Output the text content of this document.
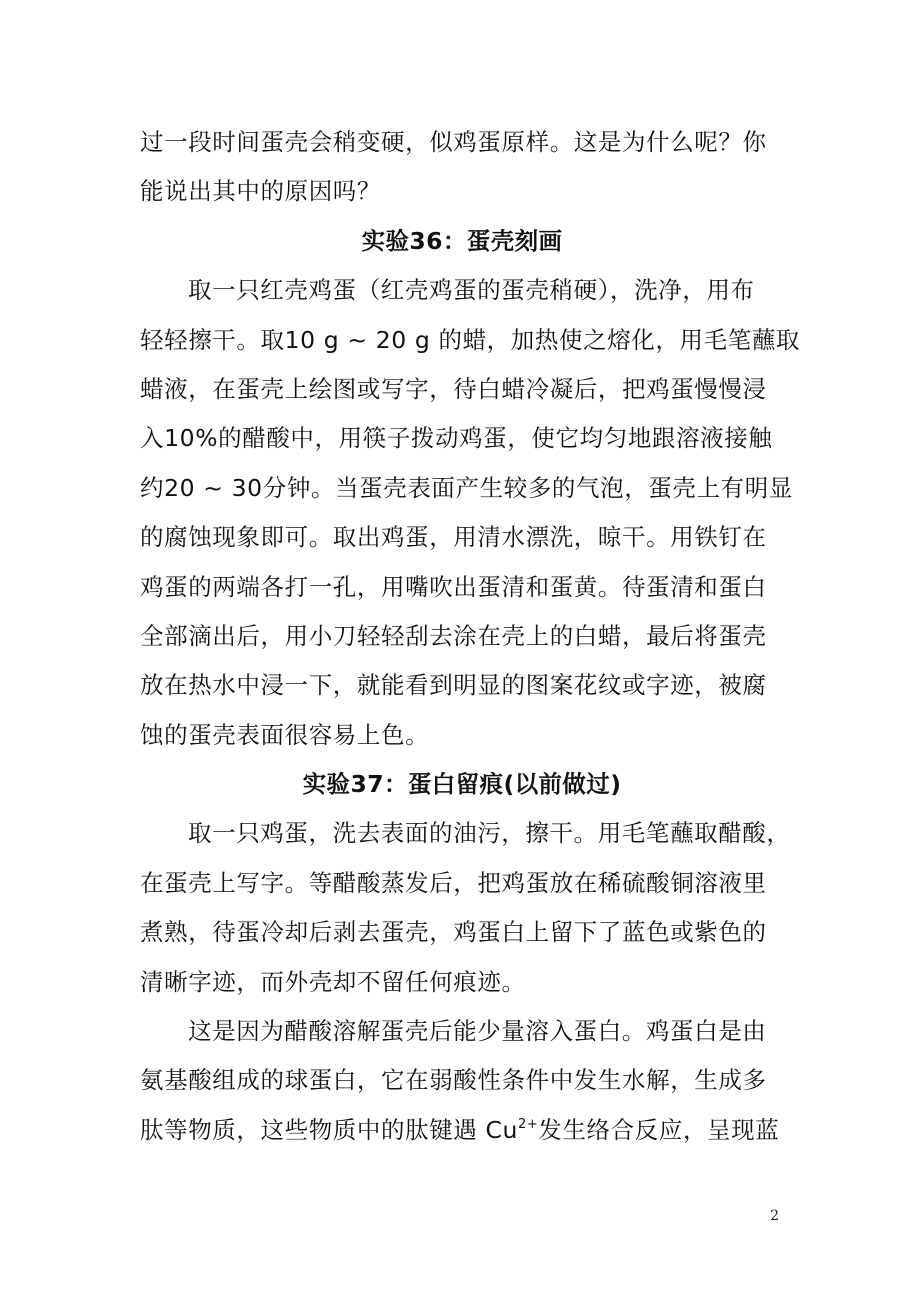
过一段时间蛋壳会稍变硬，似鸡蛋原样。这是为什么呢？你
能说出其中的原因吗？
实验36：蛋壳刻画
取一只红壳鸡蛋（红壳鸡蛋的蛋壳稍硬），洗净，用布
轻轻擦干。取10 g ~ 20 g 的蜡，加热使之熔化，用毛笔蘸取
蜡液，在蛋壳上绘图或写字，待白蜡冷凝后，把鸡蛋慢慢浸
入10%的醋酸中，用筷子拨动鸡蛋，使它均匀地跟溶液接触
约20 ~ 30分钟。当蛋壳表面产生较多的气泡，蛋壳上有明显
的腐蚀现象即可。取出鸡蛋，用清水漂洗，晾干。用铁钉在
鸡蛋的两端各打一孔，用嘴吹出蛋清和蛋黄。待蛋清和蛋白
全部滴出后，用小刀轻轻刮去涂在壳上的白蜡，最后将蛋壳
放在热水中浸一下，就能看到明显的图案花纹或字迹，被腐
蚀的蛋壳表面很容易上色。
实验37：蛋白留痕(以前做过)
取一只鸡蛋，洗去表面的油污，擦干。用毛笔蘸取醋酸，
在蛋壳上写字。等醋酸蒸发后，把鸡蛋放在稀硫酸铜溶液里
煮熟，待蛋冷却后剥去蛋壳，鸡蛋白上留下了蓝色或紫色的
清晰字迹，而外壳却不留任何痕迹。
这是因为醋酸溶解蛋壳后能少量溶入蛋白。鸡蛋白是由
氨基酸组成的球蛋白，它在弱酸性条件中发生水解，生成多
肽等物质，这些物质中的肽键遇 $Cu^{2+}$发生络合反应，呈现蓝
2
